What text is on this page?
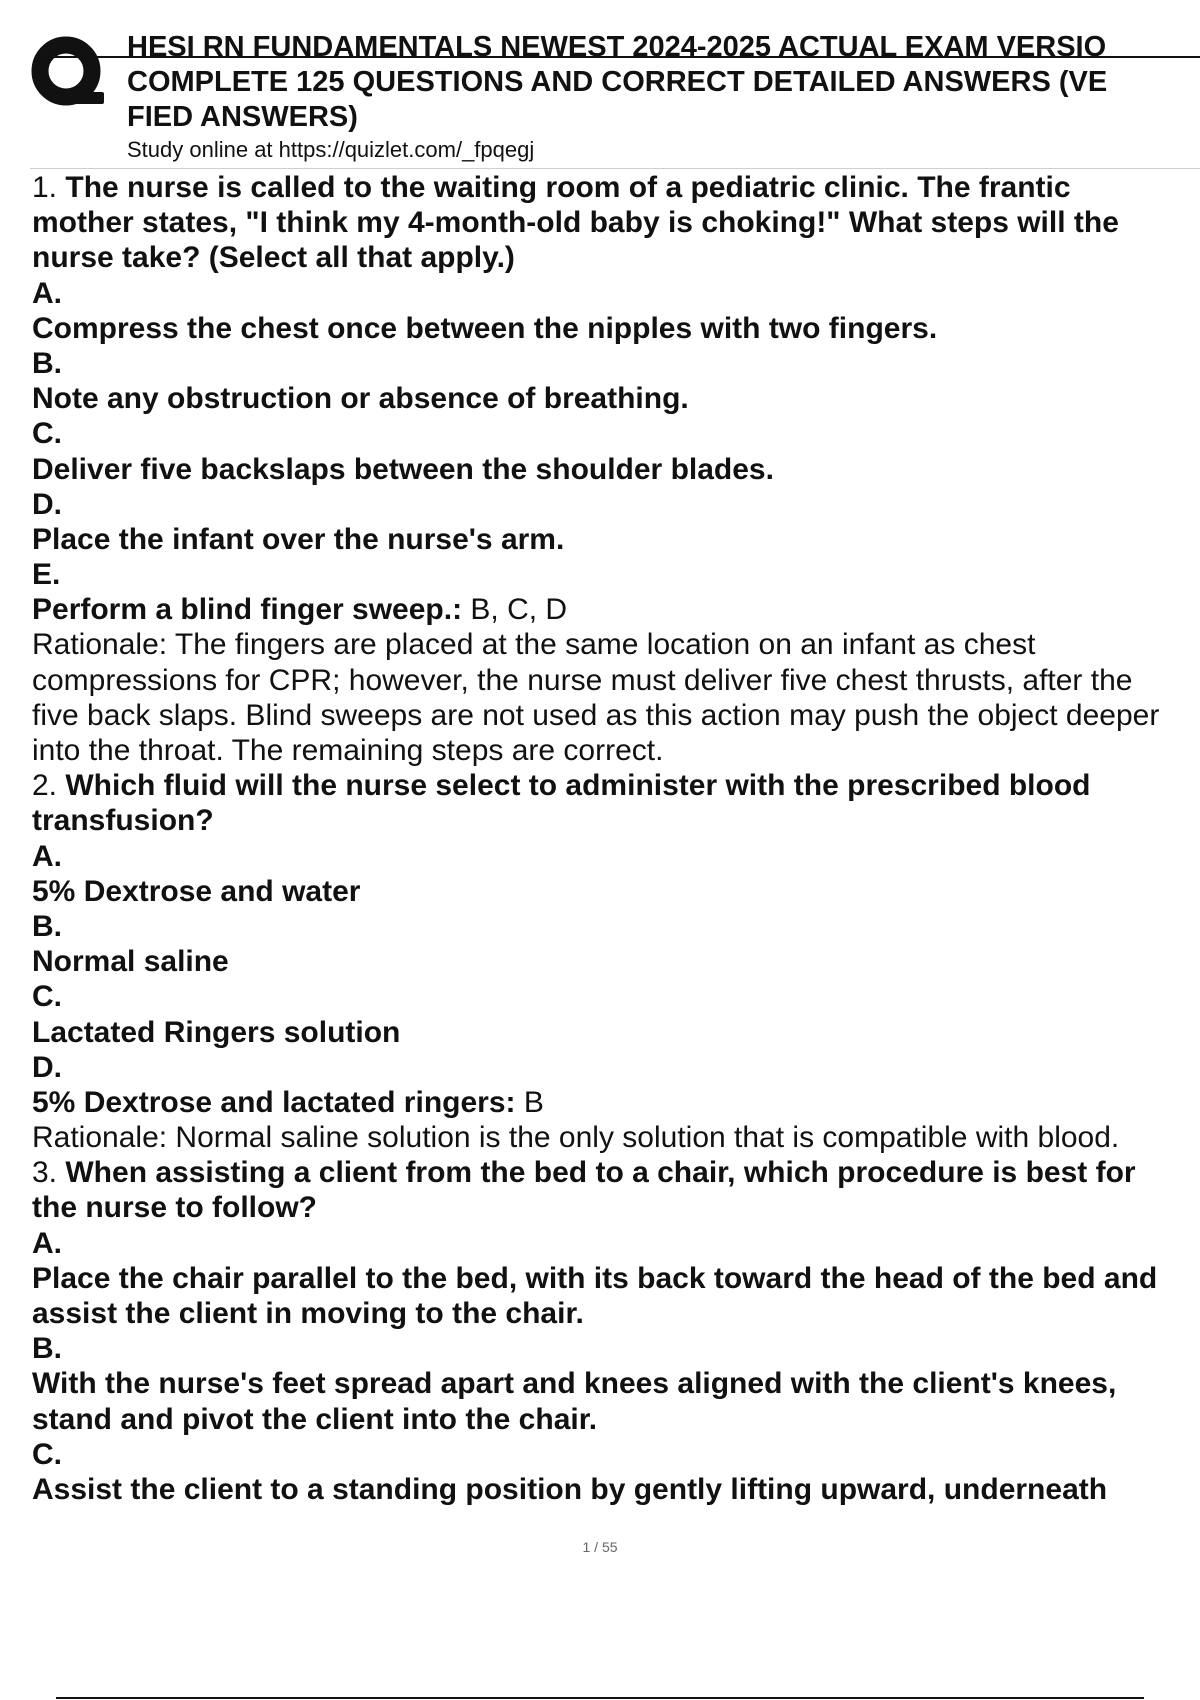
HESI RN FUNDAMENTALS NEWEST 2024-2025 ACTUAL EXAM VERSIO
COMPLETE 125 QUESTIONS AND CORRECT DETAILED ANSWERS (VE
FIED ANSWERS)

Study online at https://quizlet.com/_fpqegj

1. The nurse is called to the waiting room of a pediatric clinic. The frantic
mother states, "I think my 4-month-old baby is choking!" What steps will the
nurse take? (Select all that apply.)
A.
Compress the chest once between the nipples with two fingers.
B.
Note any obstruction or absence of breathing.
C.
Deliver five backslaps between the shoulder blades.
D.
Place the infant over the nurse's arm.
E.
Perform a blind finger sweep.: B, C, D
Rationale: The fingers are placed at the same location on an infant as chest
compressions for CPR; however, the nurse must deliver five chest thrusts, after the
five back slaps. Blind sweeps are not used as this action may push the object deeper
into the throat. The remaining steps are correct.
2. Which fluid will the nurse select to administer with the prescribed blood
transfusion?
A.
5% Dextrose and water
B.
Normal saline
C.
Lactated Ringers solution
D.
5% Dextrose and lactated ringers: B
Rationale: Normal saline solution is the only solution that is compatible with blood.
3. When assisting a client from the bed to a chair, which procedure is best for
the nurse to follow?
A.
Place the chair parallel to the bed, with its back toward the head of the bed and
assist the client in moving to the chair.
B.
With the nurse's feet spread apart and knees aligned with the client's knees,
stand and pivot the client into the chair.
C.
Assist the client to a standing position by gently lifting upward, underneath
1 / 55
